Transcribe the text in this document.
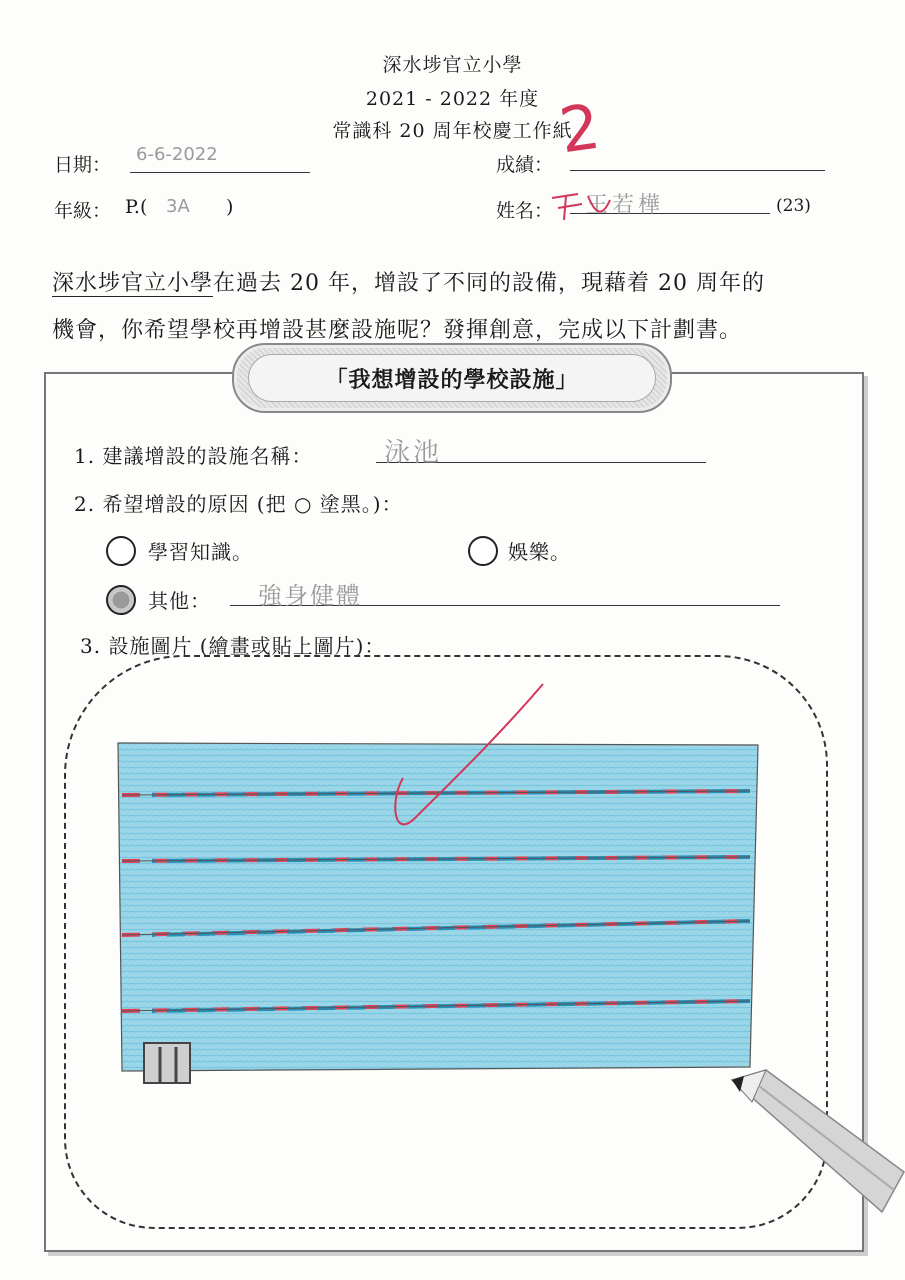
深水埗官立小學
2021 - 2022 年度
常識科 20 周年校慶工作紙
日期： 6-6-2022
年級： P.( 3A )
成績： 2
姓名： 王若樺	(23)
深水埗官立小學在過去 20 年，增設了不同的設備，現藉着 20 周年的
機會，你希望學校再增設甚麼設施呢？發揮創意，完成以下計劃書。
「我想增設的學校設施」
1. 建議增設的設施名稱：	泳池
2. 希望增設的原因 (把 ○ 塗黑。)：
學習知識。	娛樂。
其他： 強身健體
3. 設施圖片 (繪畫或貼上圖片)：
